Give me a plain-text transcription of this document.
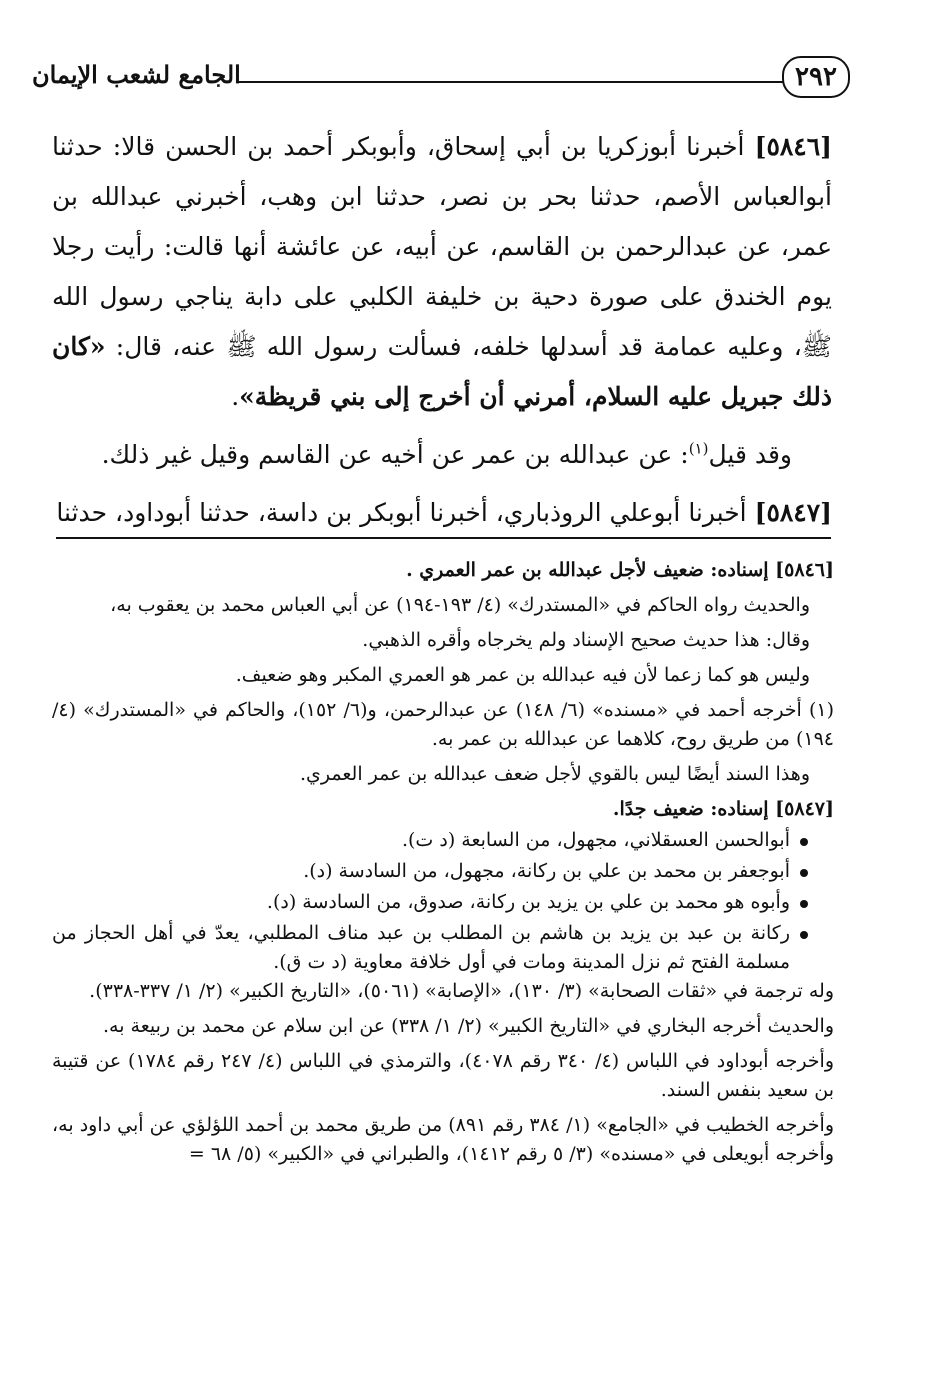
٢٩٢
الجامع لشعب الإيمان

[٥٨٤٦] أخبرنا أبوزكريا بن أبي إسحاق، وأبوبكر أحمد بن الحسن قالا: حدثنا أبوالعباس الأصم، حدثنا بحر بن نصر، حدثنا ابن وهب، أخبرني عبدالله بن عمر، عن عبدالرحمن بن القاسم، عن أبيه، عن عائشة أنها قالت: رأيت رجلا يوم الخندق على صورة دحية بن خليفة الكلبي على دابة يناجي رسول الله ﷺ، وعليه عمامة قد أسدلها خلفه، فسألت رسول الله ﷺ عنه، قال: «كان ذلك جبريل عليه السلام، أمرني أن أخرج إلى بني قريظة».

وقد قيل$^{(١)}$: عن عبدالله بن عمر عن أخيه عن القاسم وقيل غير ذلك.

[٥٨٤٧] أخبرنا أبوعلي الروذباري، أخبرنا أبوبكر بن داسة، حدثنا أبوداود، حدثنا

[٥٨٤٦] إسناده: ضعيف لأجل عبدالله بن عمر العمري .

والحديث رواه الحاكم في «المستدرك» (٤/ ١٩٣-١٩٤) عن أبي العباس محمد بن يعقوب به،

وقال: هذا حديث صحيح الإسناد ولم يخرجاه وأقره الذهبي.

وليس هو كما زعما لأن فيه عبدالله بن عمر هو العمري المكبر وهو ضعيف.

(١) أخرجه أحمد في «مسنده» (٦/ ١٤٨) عن عبدالرحمن، و(٦/ ١٥٢)، والحاكم في «المستدرك» (٤/ ١٩٤) من طريق روح، كلاهما عن عبدالله بن عمر به.

وهذا السند أيضًا ليس بالقوي لأجل ضعف عبدالله بن عمر العمري.

[٥٨٤٧] إسناده: ضعيف جدًا.

أبوالحسن العسقلاني، مجهول، من السابعة (د ت).
أبوجعفر بن محمد بن علي بن ركانة، مجهول، من السادسة (د).
وأبوه هو محمد بن علي بن يزيد بن ركانة، صدوق، من السادسة (د).
ركانة بن عبد بن يزيد بن هاشم بن المطلب بن عبد مناف المطلبي، يعدّ في أهل الحجاز من مسلمة الفتح ثم نزل المدينة ومات في أول خلافة معاوية (د ت ق).

وله ترجمة في «ثقات الصحابة» (٣/ ١٣٠)، «الإصابة» (٥٠٦١)، «التاريخ الكبير» (٢/ ١/ ٣٣٧-٣٣٨).

والحديث أخرجه البخاري في «التاريخ الكبير» (٢/ ١/ ٣٣٨) عن ابن سلام عن محمد بن ربيعة به.

وأخرجه أبوداود في اللباس (٤/ ٣٤٠ رقم ٤٠٧٨)، والترمذي في اللباس (٤/ ٢٤٧ رقم ١٧٨٤) عن قتيبة بن سعيد بنفس السند.

وأخرجه الخطيب في «الجامع» (١/ ٣٨٤ رقم ٨٩١) من طريق محمد بن أحمد اللؤلؤي عن أبي داود به، وأخرجه أبويعلى في «مسنده» (٣/ ٥ رقم ١٤١٢)، والطبراني في «الكبير» (٥/ ٦٨ =
